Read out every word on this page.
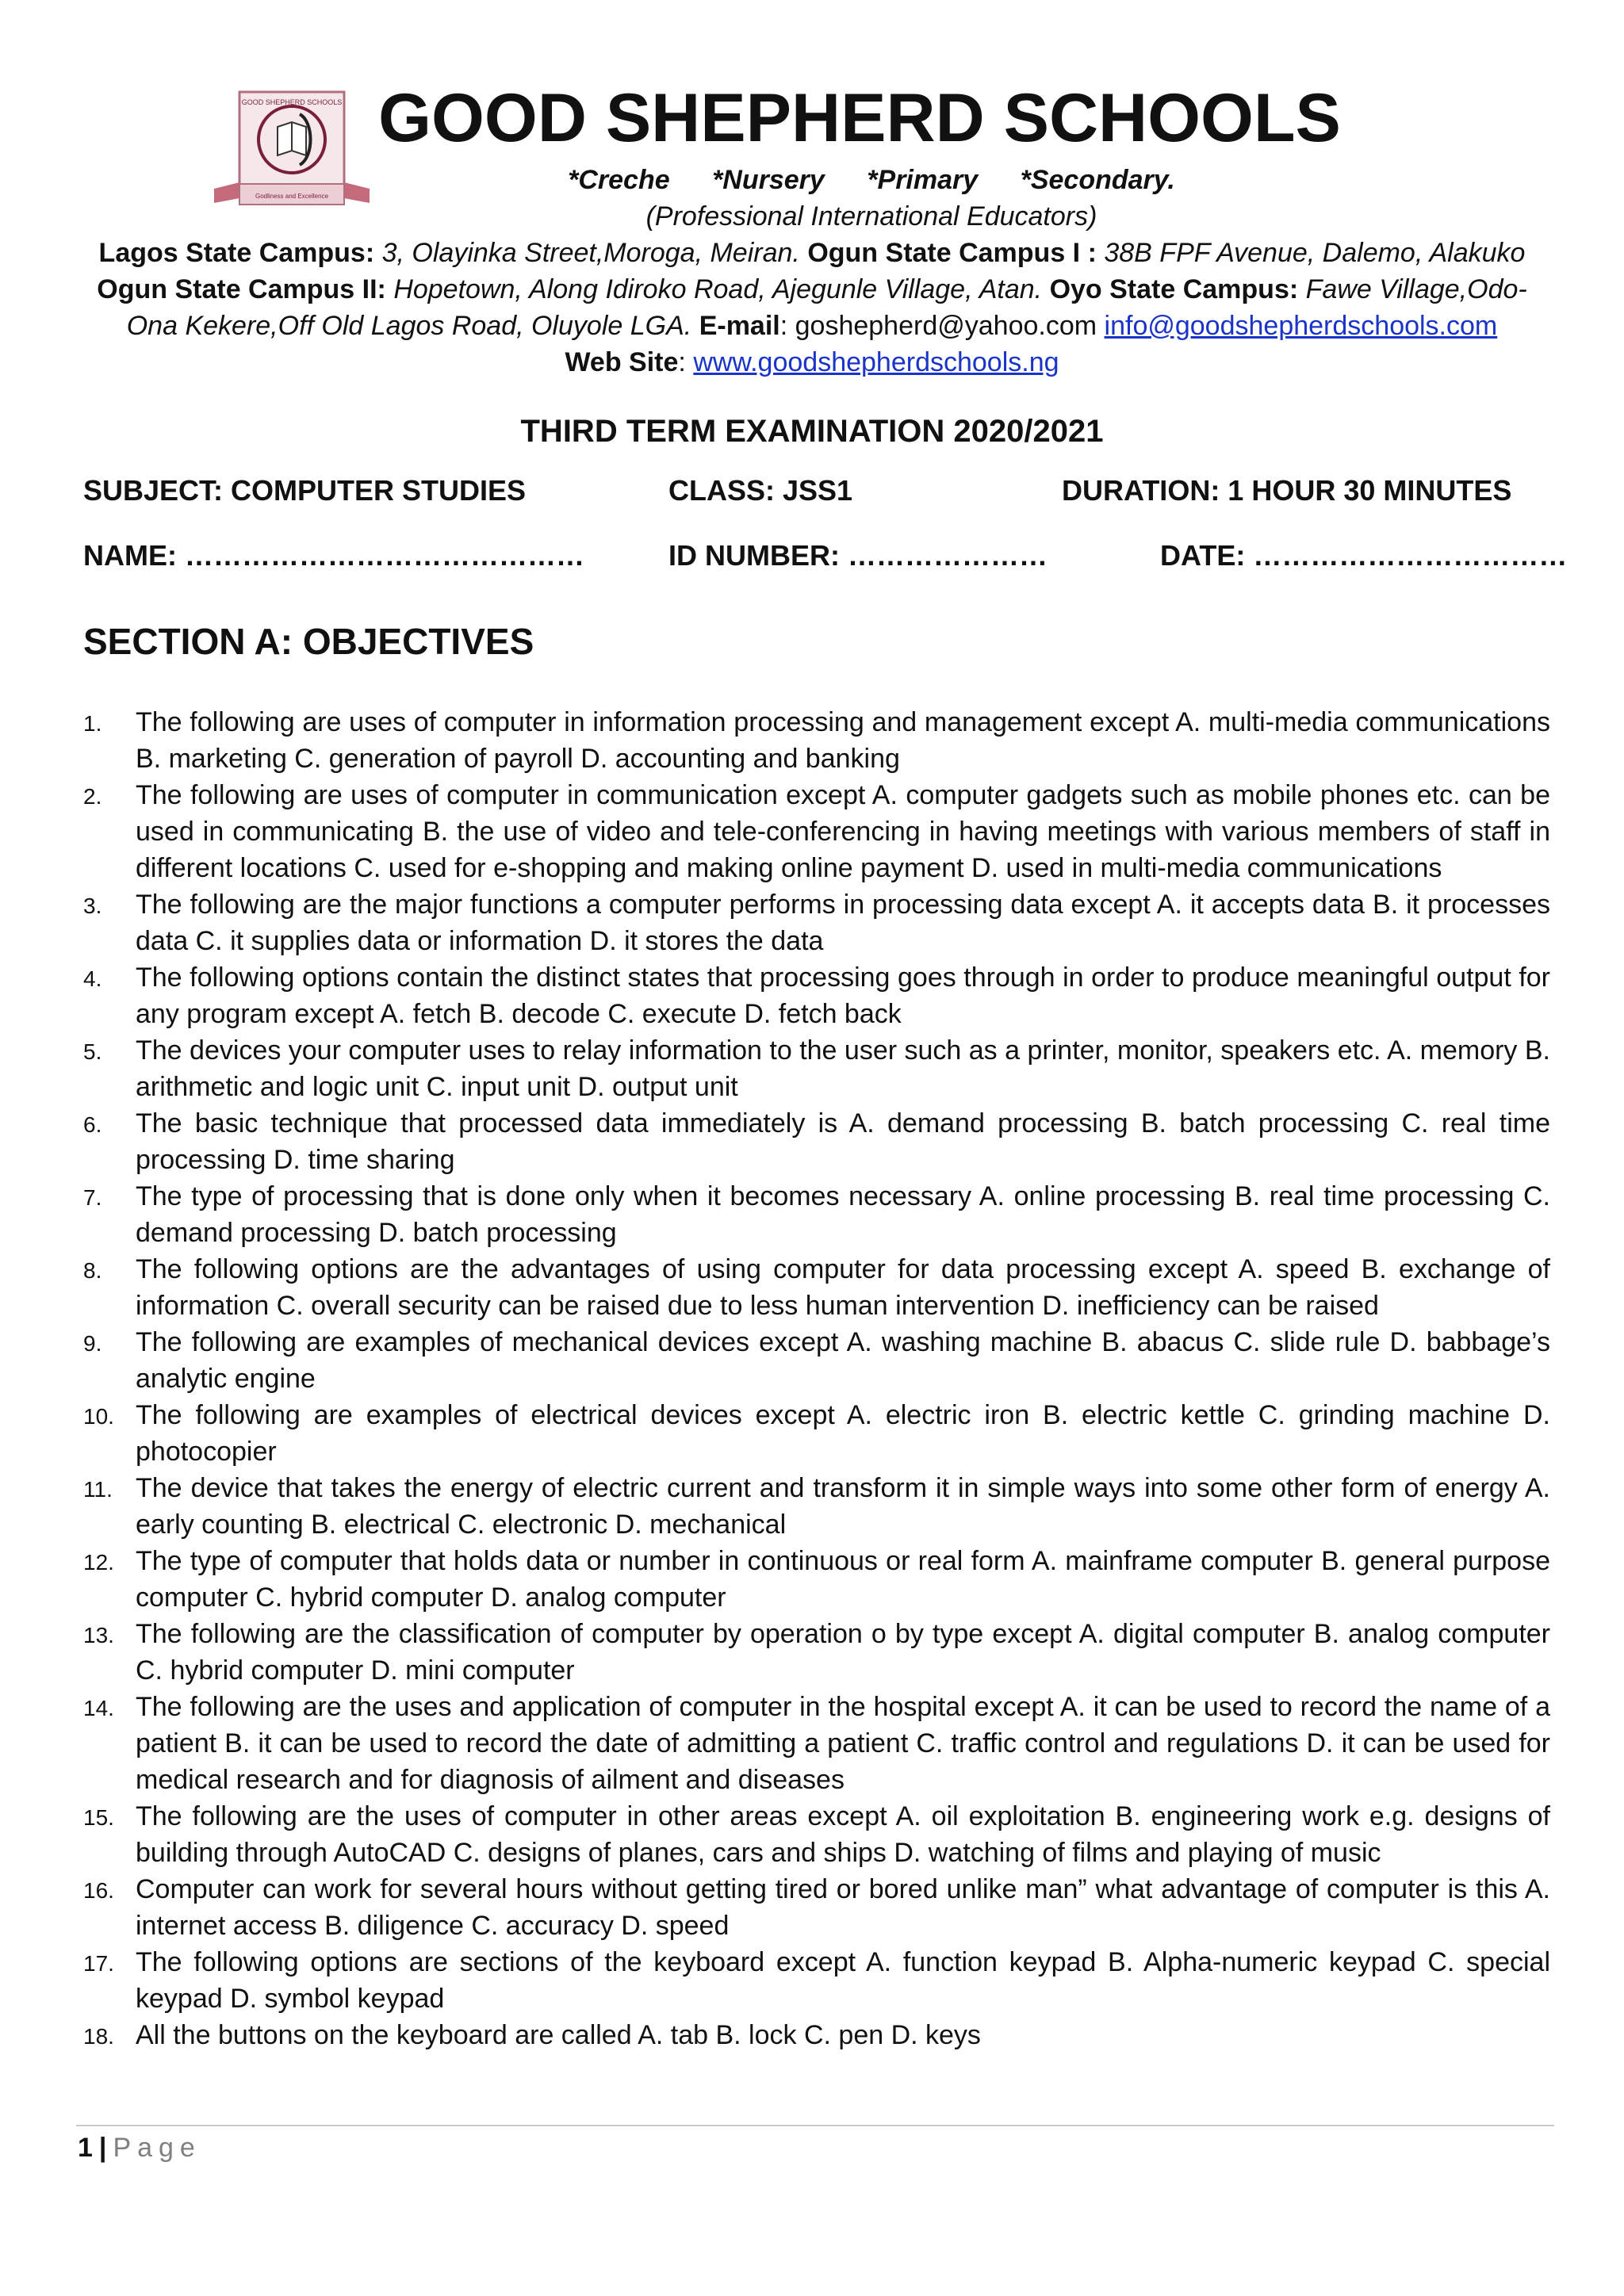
GOOD SHEPHERD SCHOOLS
Godliness and Excellence
GOOD SHEPHERD SCHOOLS
*Creche *Nursery *Primary *Secondary.
(Professional International Educators)
Lagos State Campus: 3, Olayinka Street,Moroga, Meiran. Ogun State Campus I : 38B FPF Avenue, Dalemo, Alakuko
Ogun State Campus II: Hopetown, Along Idiroko Road, Ajegunle Village, Atan. Oyo State Campus: Fawe Village,Odo-
Ona Kekere,Off Old Lagos Road, Oluyole LGA. E-mail: goshepherd@yahoo.com info@goodshepherdschools.com
Web Site: www.goodshepherdschools.ng
THIRD TERM EXAMINATION 2020/2021
SUBJECT: COMPUTER STUDIES	CLASS: JSS1	DURATION: 1 HOUR 30 MINUTES
NAME: ……………………………………	ID NUMBER: …………………	DATE: ……………………………
SECTION A: OBJECTIVES
1. The following are uses of computer in information processing and management except A. multi-media communications B. marketing C. generation of payroll D. accounting and banking
2. The following are uses of computer in communication except A. computer gadgets such as mobile phones etc. can be used in communicating B. the use of video and tele-conferencing in having meetings with various members of staff in different locations C. used for e-shopping and making online payment D. used in multi-media communications
3. The following are the major functions a computer performs in processing data except A. it accepts data B. it processes data C. it supplies data or information D. it stores the data
4. The following options contain the distinct states that processing goes through in order to produce meaningful output for any program except A. fetch B. decode C. execute D. fetch back
5. The devices your computer uses to relay information to the user such as a printer, monitor, speakers etc. A. memory B. arithmetic and logic unit C. input unit D. output unit
6. The basic technique that processed data immediately is A. demand processing B. batch processing C. real time processing D. time sharing
7. The type of processing that is done only when it becomes necessary A. online processing B. real time processing C. demand processing D. batch processing
8. The following options are the advantages of using computer for data processing except A. speed B. exchange of information C. overall security can be raised due to less human intervention D. inefficiency can be raised
9. The following are examples of mechanical devices except A. washing machine B. abacus C. slide rule D. babbage’s analytic engine
10. The following are examples of electrical devices except A. electric iron B. electric kettle C. grinding machine D. photocopier
11. The device that takes the energy of electric current and transform it in simple ways into some other form of energy A. early counting B. electrical C. electronic D. mechanical
12. The type of computer that holds data or number in continuous or real form A. mainframe computer B. general purpose computer C. hybrid computer D. analog computer
13. The following are the classification of computer by operation o by type except A. digital computer B. analog computer C. hybrid computer D. mini computer
14. The following are the uses and application of computer in the hospital except A. it can be used to record the name of a patient B. it can be used to record the date of admitting a patient C. traffic control and regulations D. it can be used for medical research and for diagnosis of ailment and diseases
15. The following are the uses of computer in other areas except A. oil exploitation B. engineering work e.g. designs of building through AutoCAD C. designs of planes, cars and ships D. watching of films and playing of music
16. Computer can work for several hours without getting tired or bored unlike man” what advantage of computer is this A. internet access B. diligence C. accuracy D. speed
17. The following options are sections of the keyboard except A. function keypad B. Alpha-numeric keypad C. special keypad D. symbol keypad
18. All the buttons on the keyboard are called A. tab B. lock C. pen D. keys
1 | Page
